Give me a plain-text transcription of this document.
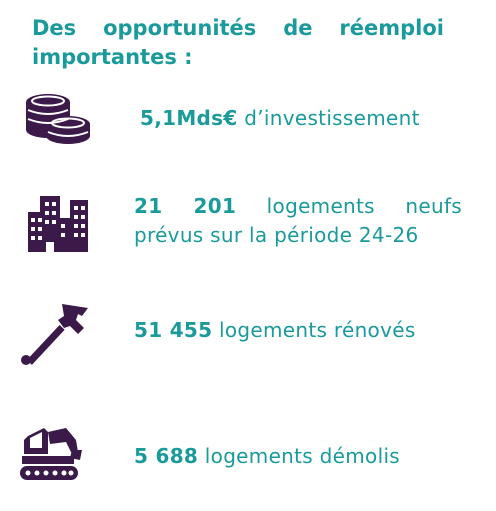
Des opportunités de réemploi importantes :
5,1Mds€ d’investissement
21 201 logements neufs prévus sur la période 24-26
51 455 logements rénovés
5 688 logements démolis
